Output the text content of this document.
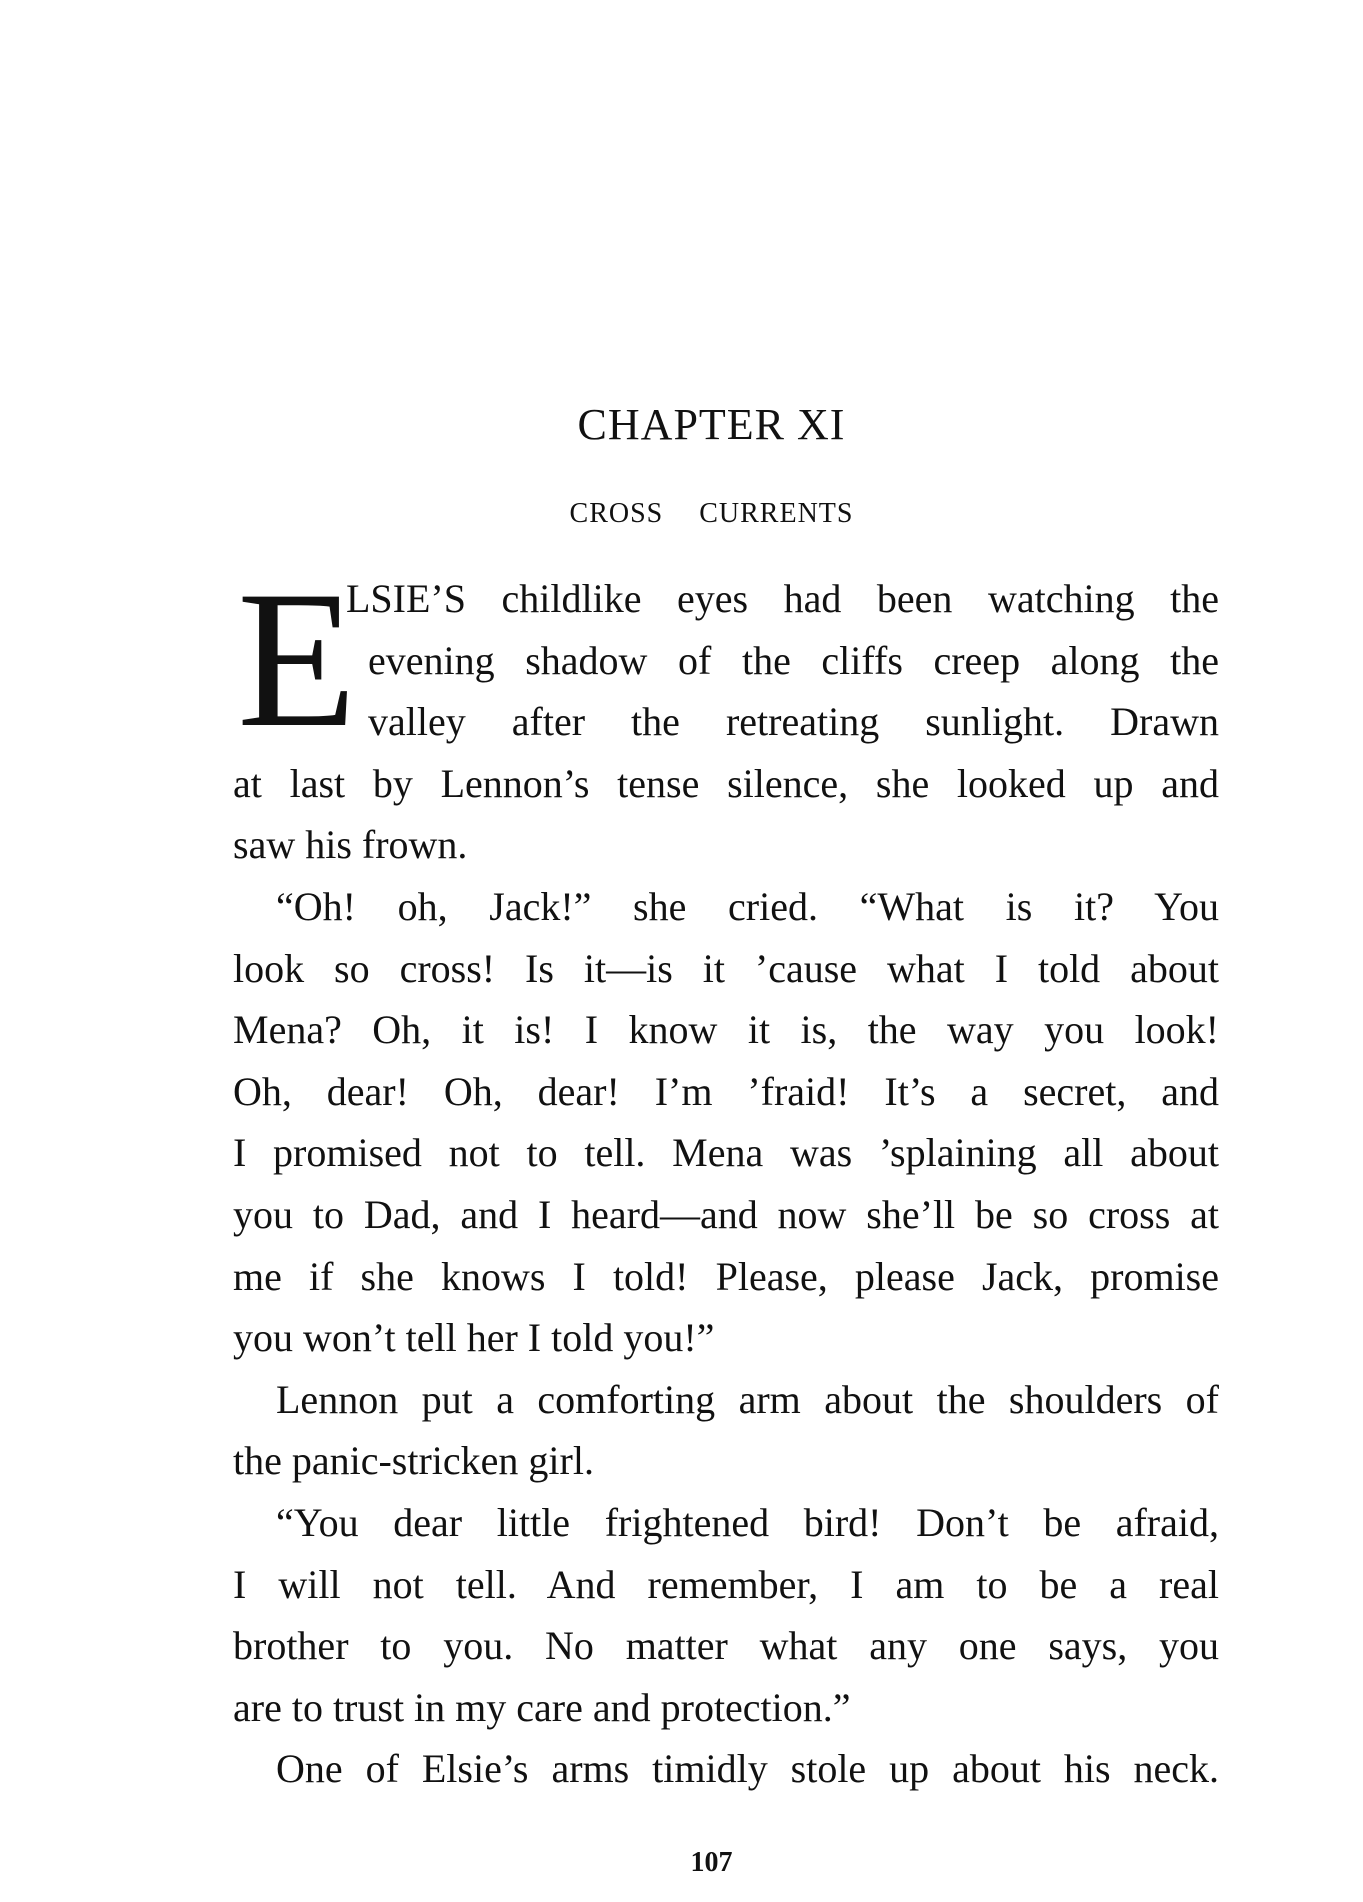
CHAPTER XI
CROSS CURRENTS
E
LSIE’S childlike eyes had been watching the
evening shadow of the cliffs creep along the
valley after the retreating sunlight. Drawn
at last by Lennon’s tense silence, she looked up and
saw his frown.
“Oh! oh, Jack!” she cried. “What is it? You
look so cross! Is it—is it ’cause what I told about
Mena? Oh, it is! I know it is, the way you look!
Oh, dear! Oh, dear! I’m ’fraid! It’s a secret, and
I promised not to tell. Mena was ’splaining all about
you to Dad, and I heard—and now she’ll be so cross at
me if she knows I told! Please, please Jack, promise
you won’t tell her I told you!”
Lennon put a comforting arm about the shoulders of
the panic-stricken girl.
“You dear little frightened bird! Don’t be afraid,
I will not tell. And remember, I am to be a real
brother to you. No matter what any one says, you
are to trust in my care and protection.”
One of Elsie’s arms timidly stole up about his neck.
107
